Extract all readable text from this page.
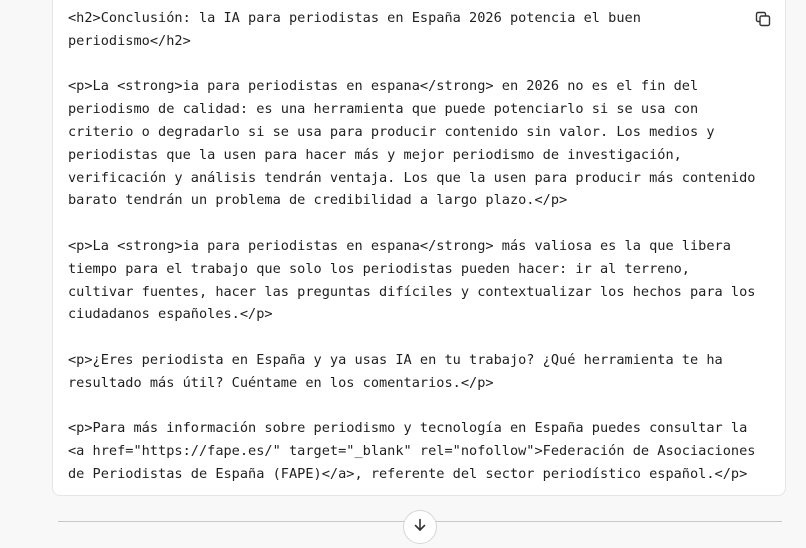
<h2>Conclusión: la IA para periodistas en España 2026 potencia el buen
periodismo</h2>

<p>La <strong>ia para periodistas en espana</strong> en 2026 no es el fin del
periodismo de calidad: es una herramienta que puede potenciarlo si se usa con
criterio o degradarlo si se usa para producir contenido sin valor. Los medios y
periodistas que la usen para hacer más y mejor periodismo de investigación,
verificación y análisis tendrán ventaja. Los que la usen para producir más contenido
barato tendrán un problema de credibilidad a largo plazo.</p>

<p>La <strong>ia para periodistas en espana</strong> más valiosa es la que libera
tiempo para el trabajo que solo los periodistas pueden hacer: ir al terreno,
cultivar fuentes, hacer las preguntas difíciles y contextualizar los hechos para los
ciudadanos españoles.</p>

<p>¿Eres periodista en España y ya usas IA en tu trabajo? ¿Qué herramienta te ha
resultado más útil? Cuéntame en los comentarios.</p>

<p>Para más información sobre periodismo y tecnología en España puedes consultar la
<a href="https://fape.es/" target="_blank" rel="nofollow">Federación de Asociaciones
de Periodistas de España (FAPE)</a>, referente del sector periodístico español.</p>
